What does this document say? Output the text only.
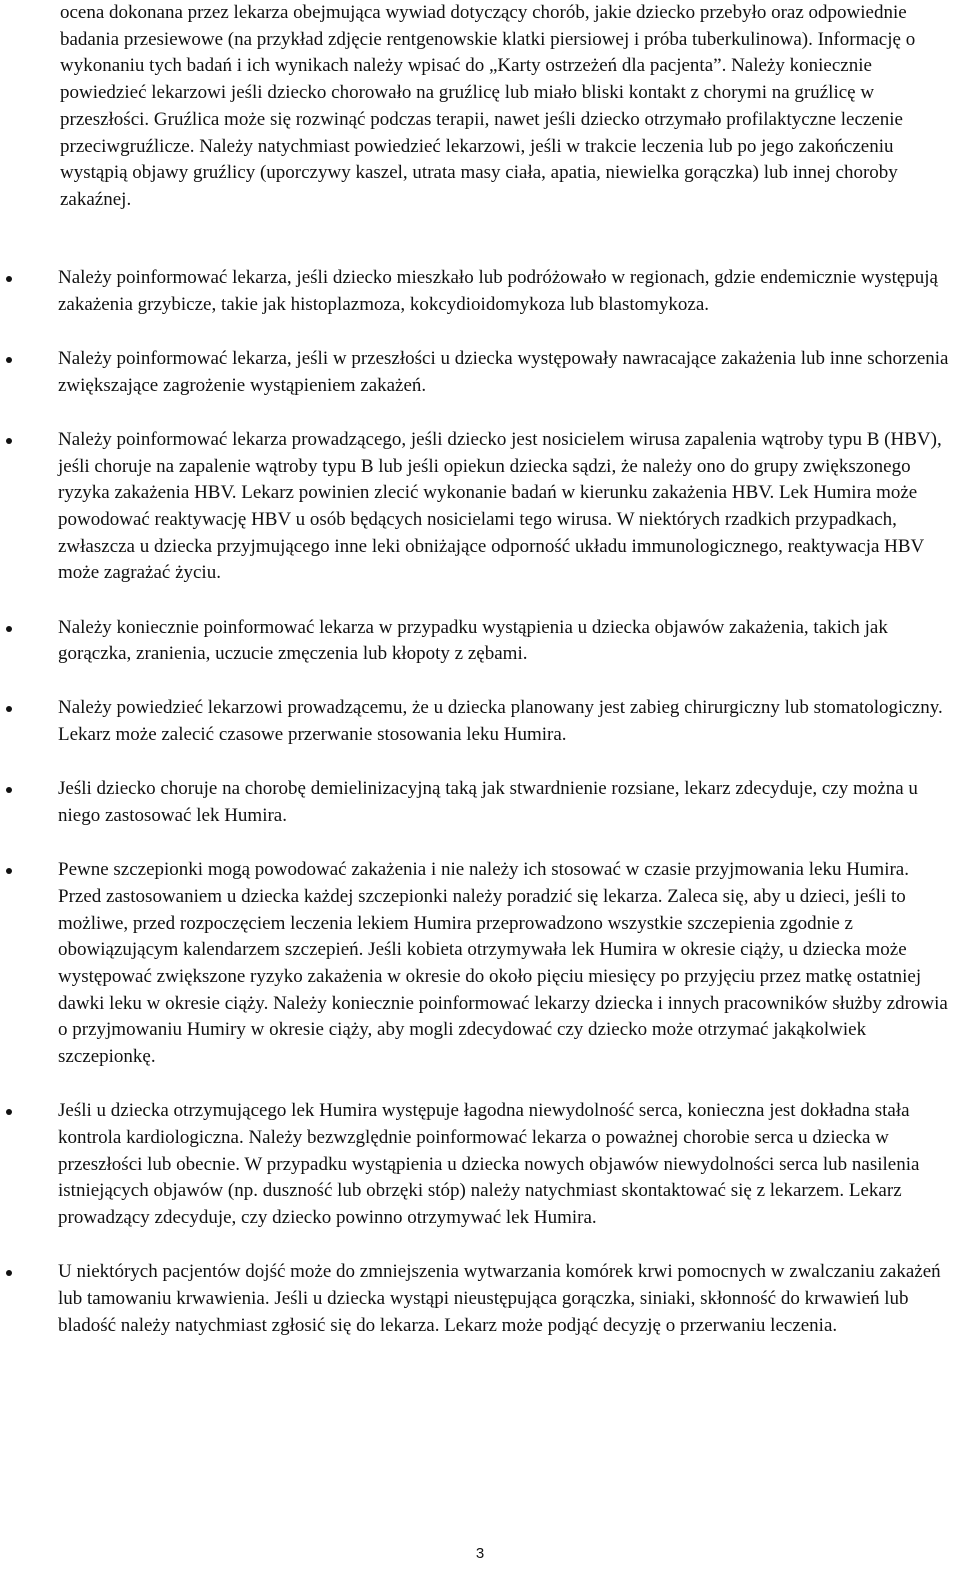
ocena dokonana przez lekarza obejmująca wywiad dotyczący chorób, jakie dziecko przebyło oraz odpowiednie badania przesiewowe (na przykład zdjęcie rentgenowskie klatki piersiowej i próba tuberkulinowa). Informację o wykonaniu tych badań i ich wynikach należy wpisać do „Karty ostrzeżeń dla pacjenta”. Należy koniecznie powiedzieć lekarzowi jeśli dziecko chorowało na gruźlicę lub miało bliski kontakt z chorymi na gruźlicę w przeszłości. Gruźlica może się rozwinąć podczas terapii, nawet jeśli dziecko otrzymało profilaktyczne leczenie przeciwgruźlicze. Należy natychmiast powiedzieć lekarzowi, jeśli w trakcie leczenia lub po jego zakończeniu wystąpią objawy gruźlicy (uporczywy kaszel, utrata masy ciała, apatia, niewielka gorączka) lub innej choroby zakaźnej.

Należy poinformować lekarza, jeśli dziecko mieszkało lub podróżowało w regionach, gdzie endemicznie występują zakażenia grzybicze, takie jak histoplazmoza, kokcydioidomykoza lub blastomykoza.

Należy poinformować lekarza, jeśli w przeszłości u dziecka występowały nawracające zakażenia lub inne schorzenia zwiększające zagrożenie wystąpieniem zakażeń.

Należy poinformować lekarza prowadzącego, jeśli dziecko jest nosicielem wirusa zapalenia wątroby typu B (HBV), jeśli choruje na zapalenie wątroby typu B lub jeśli opiekun dziecka sądzi, że należy ono do grupy zwiększonego ryzyka zakażenia HBV. Lekarz powinien zlecić wykonanie badań w kierunku zakażenia HBV. Lek Humira może powodować reaktywację HBV u osób będących nosicielami tego wirusa. W niektórych rzadkich przypadkach, zwłaszcza u dziecka przyjmującego inne leki obniżające odporność układu immunologicznego, reaktywacja HBV może zagrażać życiu.

Należy koniecznie poinformować lekarza w przypadku wystąpienia u dziecka objawów zakażenia, takich jak gorączka, zranienia, uczucie zmęczenia lub kłopoty z zębami.

Należy powiedzieć lekarzowi prowadzącemu, że u dziecka planowany jest zabieg chirurgiczny lub stomatologiczny. Lekarz może zalecić czasowe przerwanie stosowania leku Humira.

Jeśli dziecko choruje na chorobę demielinizacyjną taką jak stwardnienie rozsiane, lekarz zdecyduje, czy można u niego zastosować lek Humira.

Pewne szczepionki mogą powodować zakażenia i nie należy ich stosować w czasie przyjmowania leku Humira. Przed zastosowaniem u dziecka każdej szczepionki należy poradzić się lekarza. Zaleca się, aby u dzieci, jeśli to możliwe, przed rozpoczęciem leczenia lekiem Humira przeprowadzono wszystkie szczepienia zgodnie z obowiązującym kalendarzem szczepień. Jeśli kobieta otrzymywała lek Humira w okresie ciąży, u dziecka może występować zwiększone ryzyko zakażenia w okresie do około pięciu miesięcy po przyjęciu przez matkę ostatniej dawki leku w okresie ciąży. Należy koniecznie poinformować lekarzy dziecka i innych pracowników służby zdrowia o przyjmowaniu Humiry w okresie ciąży, aby mogli zdecydować czy dziecko może otrzymać jakąkolwiek szczepionkę.

Jeśli u dziecka otrzymującego lek Humira występuje łagodna niewydolność serca, konieczna jest dokładna stała kontrola kardiologiczna. Należy bezwzględnie poinformować lekarza o poważnej chorobie serca u dziecka w przeszłości lub obecnie. W przypadku wystąpienia u dziecka nowych objawów niewydolności serca lub nasilenia istniejących objawów (np. duszność lub obrzęki stóp) należy natychmiast skontaktować się z lekarzem. Lekarz prowadzący zdecyduje, czy dziecko powinno otrzymywać lek Humira.

U niektórych pacjentów dojść może do zmniejszenia wytwarzania komórek krwi pomocnych w zwalczaniu zakażeń lub tamowaniu krwawienia. Jeśli u dziecka wystąpi nieustępująca gorączka, siniaki, skłonność do krwawień lub bladość należy natychmiast zgłosić się do lekarza. Lekarz może podjąć decyzję o przerwaniu leczenia.

3
